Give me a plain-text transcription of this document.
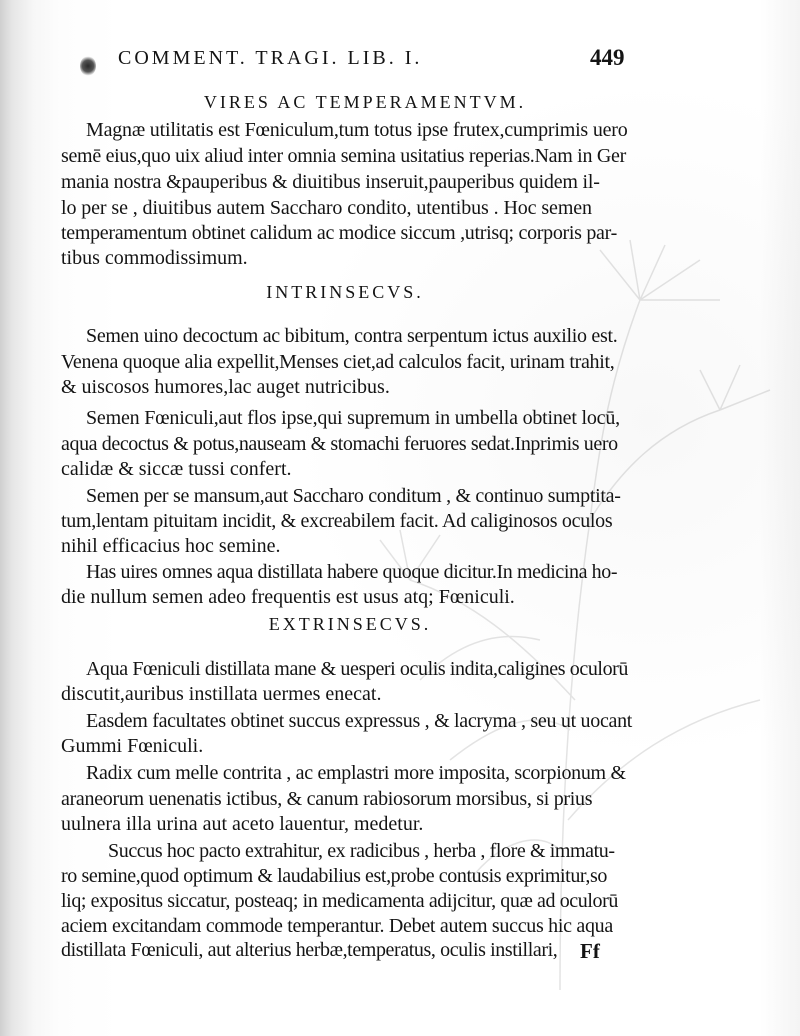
COMMENT. TRAGI. LIB. I.	449
VIRES AC TEMPERAMENTVM.
Magnæ utilitatis est Fœniculum,tum totus ipse frutex,cumprimis uero
semē eius,quo uix aliud inter omnia semina usitatius reperias.Nam in Ger
mania nostra &pauperibus & diuitibus inseruit,pauperibus quidem il-
lo per se , diuitibus autem Saccharo condito, utentibus . Hoc semen
temperamentum obtinet calidum ac modice siccum ,utrisq; corporis par-
tibus commodissimum.
INTRINSECVS.
Semen uino decoctum ac bibitum, contra serpentum ictus auxilio est.
Venena quoque alia expellit,Menses ciet,ad calculos facit, urinam trahit,
& uiscosos humores,lac auget nutricibus.
Semen Fœniculi,aut flos ipse,qui supremum in umbella obtinet locū,
aqua decoctus & potus,nauseam & stomachi feruores sedat.Inprimis uero
calidæ & siccæ tussi confert.
Semen per se mansum,aut Saccharo conditum , & continuo sumptita-
tum,lentam pituitam incidit, & excreabilem facit. Ad caliginosos oculos
nihil efficacius hoc semine.
Has uires omnes aqua distillata habere quoque dicitur.In medicina ho-
die nullum semen adeo frequentis est usus atq; Fœniculi.
EXTRINSECVS.
Aqua Fœniculi distillata mane & uesperi oculis indita,caligines oculorū
discutit,auribus instillata uermes enecat.
Easdem facultates obtinet succus expressus , & lacryma , seu ut uocant
Gummi Fœniculi.
Radix cum melle contrita , ac emplastri more imposita, scorpionum &
araneorum uenenatis ictibus, & canum rabiosorum morsibus, si prius
uulnera illa urina aut aceto lauentur, medetur.
Succus hoc pacto extrahitur, ex radicibus , herba , flore & immatu-
ro semine,quod optimum & laudabilius est,probe contusis exprimitur,so
liq; expositus siccatur, posteaq; in medicamenta adijcitur, quæ ad oculorū
aciem excitandam commode temperantur. Debet autem succus hic aqua
distillata Fœniculi, aut alterius herbæ,temperatus, oculis instillari, Ff
